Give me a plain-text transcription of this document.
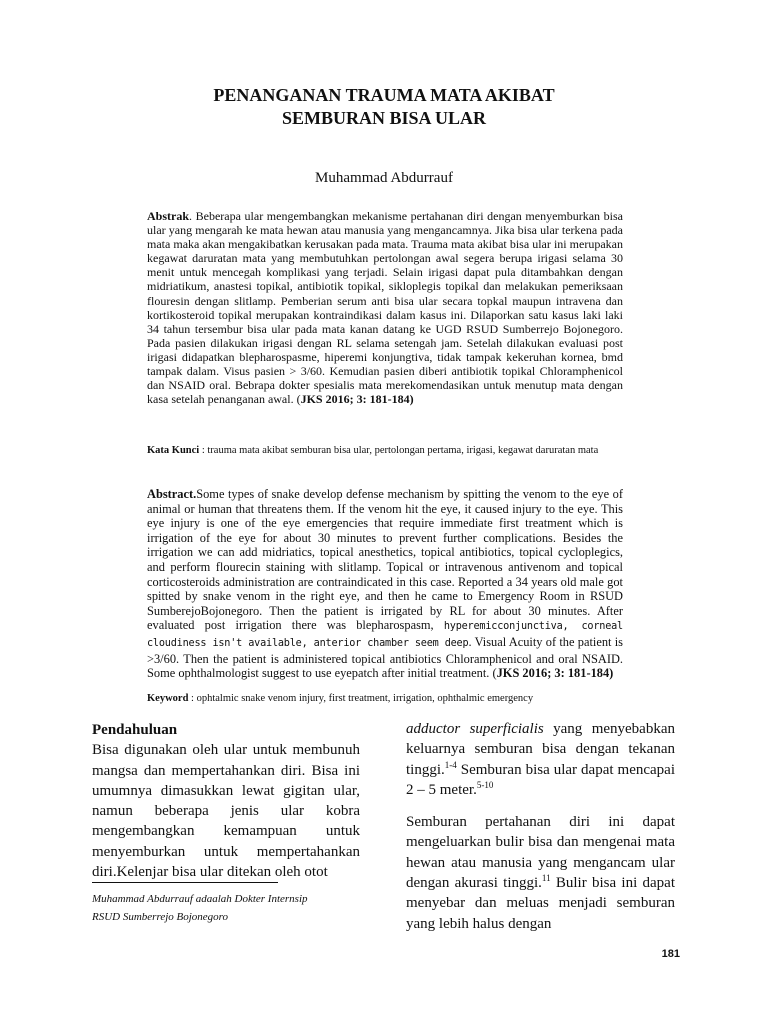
PENANGANAN TRAUMA MATA AKIBAT
SEMBURAN BISA ULAR
Muhammad Abdurrauf

Abstrak. Beberapa ular mengembangkan mekanisme pertahanan diri dengan menyemburkan bisa ular yang mengarah ke mata hewan atau manusia yang mengancamnya. Jika bisa ular terkena pada mata maka akan mengakibatkan kerusakan pada mata. Trauma mata akibat bisa ular ini merupakan kegawat daruratan mata yang membutuhkan pertolongan awal segera berupa irigasi selama 30 menit untuk mencegah komplikasi yang terjadi. Selain irigasi dapat pula ditambahkan dengan midriatikum, anastesi topikal, antibiotik topikal, sikloplegis topikal dan melakukan pemeriksaan flouresin dengan slitlamp. Pemberian serum anti bisa ular secara topkal maupun intravena dan kortikosteroid topikal merupakan kontraindikasi dalam kasus ini. Dilaporkan satu kasus laki laki 34 tahun tersembur bisa ular pada mata kanan datang ke UGD RSUD Sumberrejo Bojonegoro. Pada pasien dilakukan irigasi dengan RL selama setengah jam. Setelah dilakukan evaluasi post irigasi didapatkan blepharospasme, hiperemi konjungtiva, tidak tampak kekeruhan kornea, bmd tampak dalam. Visus pasien > 3/60. Kemudian pasien diberi antibiotik topikal Chloramphenicol dan NSAID oral. Bebrapa dokter spesialis mata merekomendasikan untuk menutup mata dengan kasa setelah penanganan awal. (JKS 2016; 3: 181-184)

Kata Kunci : trauma mata akibat semburan bisa ular, pertolongan pertama, irigasi, kegawat daruratan mata

Abstract.Some types of snake develop defense mechanism by spitting the venom to the eye of animal or human that threatens them. If the venom hit the eye, it caused injury to the eye. This eye injury is one of the eye emergencies that require immediate first treatment which is irrigation of the eye for about 30 minutes to prevent further complications. Besides the irrigation we can add midriatics, topical anesthetics, topical antibiotics, topical cycloplegics, and perform flourecin staining with slitlamp. Topical or intravenous antivenom and topical corticosteroids administration are contraindicated in this case. Reported a 34 years old male got spitted by snake venom in the right eye, and then he came to Emergency Room in RSUD SumberejoBojonegoro. Then the patient is irrigated by RL for about 30 minutes. After evaluated post irrigation there was blepharospasm, hyperemicconjunctiva, corneal cloudiness isn't available, anterior chamber seem deep. Visual Acuity of the patient is >3/60. Then the patient is administered topical antibiotics Chloramphenicol and oral NSAID. Some ophthalmologist suggest to use eyepatch after initial treatment. (JKS 2016; 3: 181-184)

Keyword : ophtalmic snake venom injury, first treatment, irrigation, ophthalmic emergency

Pendahuluan

Bisa digunakan oleh ular untuk membunuh mangsa dan mempertahankan diri. Bisa ini umumnya dimasukkan lewat gigitan ular, namun beberapa jenis ular kobra mengembangkan kemampuan untuk menyemburkan untuk mempertahankan diri.Kelenjar bisa ular ditekan oleh otot

adductor superficialis yang menyebabkan keluarnya semburan bisa dengan tekanan tinggi.$^{1-4}$ Semburan bisa ular dapat mencapai 2 – 5 meter.$^{5-10}$

Semburan pertahanan diri ini dapat mengeluarkan bulir bisa dan mengenai mata hewan atau manusia yang mengancam ular dengan akurasi tinggi.$^{11}$ Bulir bisa ini dapat menyebar dan meluas menjadi semburan yang lebih halus dengan

Muhammad Abdurrauf adaalah Dokter Internsip
RSUD Sumberrejo Bojonegoro
181
